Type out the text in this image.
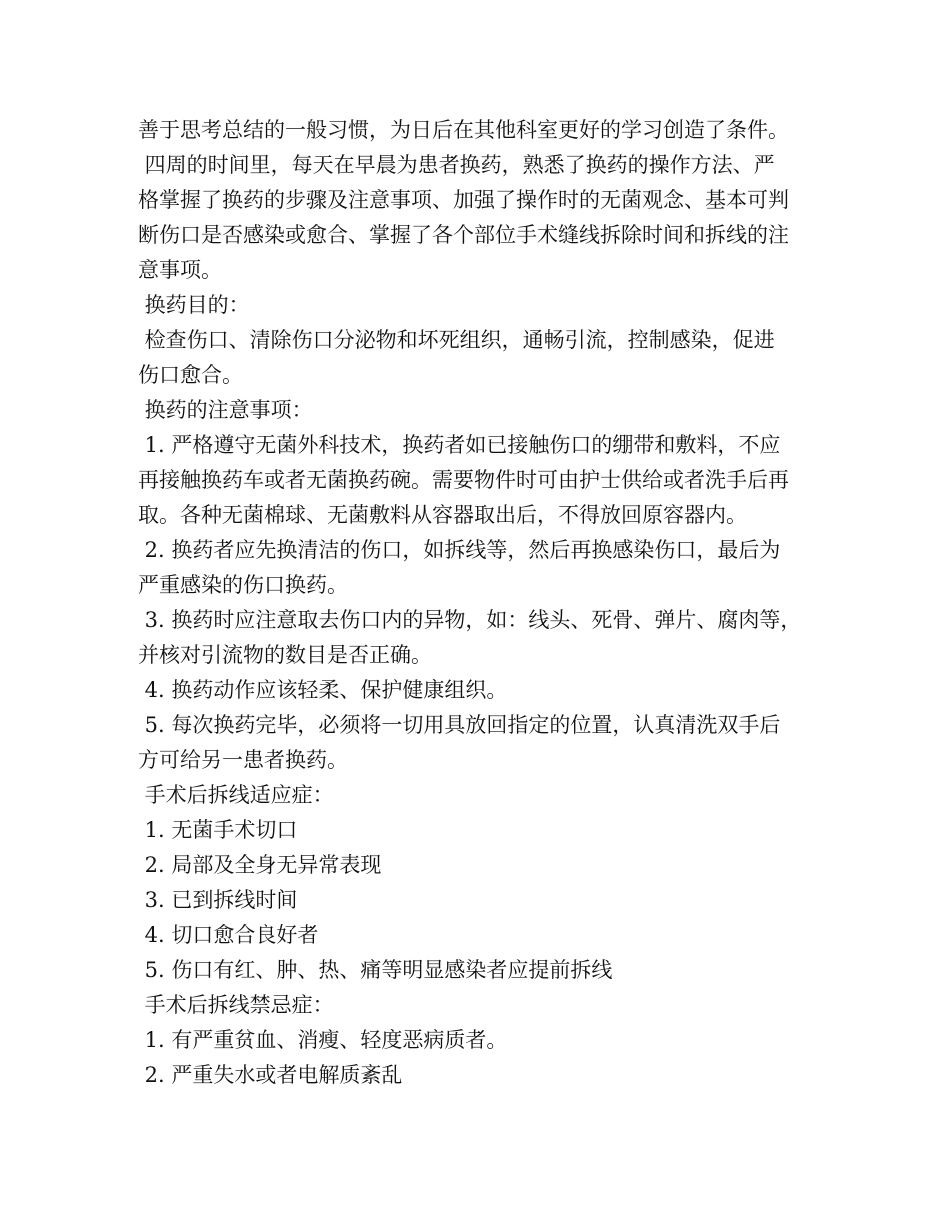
善于思考总结的一般习惯，为日后在其他科室更好的学习创造了条件。
四周的时间里，每天在早晨为患者换药，熟悉了换药的操作方法、严
格掌握了换药的步骤及注意事项、加强了操作时的无菌观念、基本可判
断伤口是否感染或愈合、掌握了各个部位手术缝线拆除时间和拆线的注
意事项。
换药目的：
检查伤口、清除伤口分泌物和坏死组织，通畅引流，控制感染，促进
伤口愈合。
换药的注意事项：
1. 严格遵守无菌外科技术，换药者如已接触伤口的绷带和敷料，不应
再接触换药车或者无菌换药碗。需要物件时可由护士供给或者洗手后再
取。各种无菌棉球、无菌敷料从容器取出后，不得放回原容器内。
2. 换药者应先换清洁的伤口，如拆线等，然后再换感染伤口，最后为
严重感染的伤口换药。
3. 换药时应注意取去伤口内的异物，如：线头、死骨、弹片、腐肉等，
并核对引流物的数目是否正确。
4. 换药动作应该轻柔、保护健康组织。
5. 每次换药完毕，必须将一切用具放回指定的位置，认真清洗双手后
方可给另一患者换药。
手术后拆线适应症：
1. 无菌手术切口
2. 局部及全身无异常表现
3. 已到拆线时间
4. 切口愈合良好者
5. 伤口有红、肿、热、痛等明显感染者应提前拆线
手术后拆线禁忌症：
1. 有严重贫血、消瘦、轻度恶病质者。
2. 严重失水或者电解质紊乱
